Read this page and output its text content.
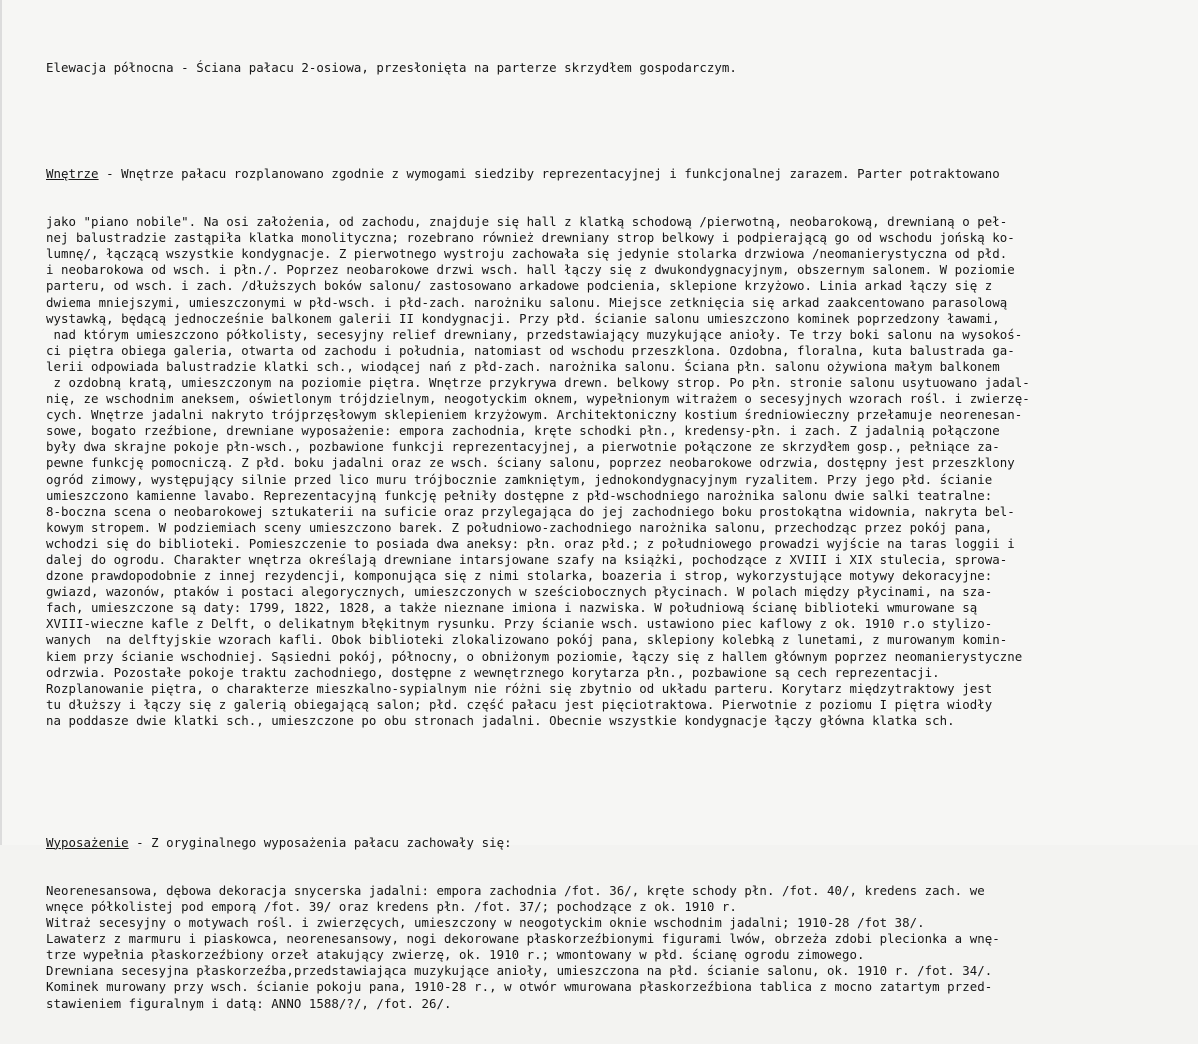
Elewacja północna - Ściana pałacu 2-osiowa, przesłonięta na parterze skrzydłem gospodarczym.

Wnętrze - Wnętrze pałacu rozplanowano zgodnie z wymogami siedziby reprezentacyjnej i funkcjonalnej zarazem. Parter potraktowano

jako "piano nobile". Na osi założenia, od zachodu, znajduje się hall z klatką schodową /pierwotną, neobarokową, drewnianą o peł-
nej balustradzie zastąpiła klatka monolityczna; rozebrano również drewniany strop belkowy i podpierającą go od wschodu jońską ko-
lumnę/, łączącą wszystkie kondygnacje. Z pierwotnego wystroju zachowała się jedynie stolarka drzwiowa /neomanierystyczna od płd.
i neobarokowa od wsch. i płn./. Poprzez neobarokowe drzwi wsch. hall łączy się z dwukondygnacyjnym, obszernym salonem. W poziomie
parteru, od wsch. i zach. /dłuższych boków salonu/ zastosowano arkadowe podcienia, sklepione krzyżowo. Linia arkad łączy się z
dwiema mniejszymi, umieszczonymi w płd-wsch. i płd-zach. narożniku salonu. Miejsce zetknięcia się arkad zaakcentowano parasolową
wystawką, będącą jednocześnie balkonem galerii II kondygnacji. Przy płd. ścianie salonu umieszczono kominek poprzedzony ławami,
nad którym umieszczono półkolisty, secesyjny relief drewniany, przedstawiający muzykujące anioły. Te trzy boki salonu na wysokoś-
ci piętra obiega galeria, otwarta od zachodu i południa, natomiast od wschodu przeszklona. Ozdobna, floralna, kuta balustrada ga-
lerii odpowiada balustradzie klatki sch., wiodącej nań z płd-zach. narożnika salonu. Ściana płn. salonu ożywiona małym balkonem
z ozdobną kratą, umieszczonym na poziomie piętra. Wnętrze przykrywa drewn. belkowy strop. Po płn. stronie salonu usytuowano jadal-
nię, ze wschodnim aneksem, oświetlonym trójdzielnym, neogotyckim oknem, wypełnionym witrażem o secesyjnych wzorach rośl. i zwierzę-
cych. Wnętrze jadalni nakryto trójprzęsłowym sklepieniem krzyżowym. Architektoniczny kostium średniowieczny przełamuje neorenesan-
sowe, bogato rzeźbione, drewniane wyposażenie: empora zachodnia, kręte schodki płn., kredensy-płn. i zach. Z jadalnią połączone
były dwa skrajne pokoje płn-wsch., pozbawione funkcji reprezentacyjnej, a pierwotnie połączone ze skrzydłem gosp., pełniące za-
pewne funkcję pomocniczą. Z płd. boku jadalni oraz ze wsch. ściany salonu, poprzez neobarokowe odrzwia, dostępny jest przeszklony
ogród zimowy, występujący silnie przed lico muru trójbocznie zamkniętym, jednokondygnacyjnym ryzalitem. Przy jego płd. ścianie
umieszczono kamienne lavabo. Reprezentacyjną funkcję pełniły dostępne z płd-wschodniego narożnika salonu dwie salki teatralne:
8-boczna scena o neobarokowej sztukaterii na suficie oraz przylegająca do jej zachodniego boku prostokątna widownia, nakryta bel-
kowym stropem. W podziemiach sceny umieszczono barek. Z południowo-zachodniego narożnika salonu, przechodząc przez pokój pana,
wchodzi się do biblioteki. Pomieszczenie to posiada dwa aneksy: płn. oraz płd.; z południowego prowadzi wyjście na taras loggii i
dalej do ogrodu. Charakter wnętrza określają drewniane intarsjowane szafy na książki, pochodzące z XVIII i XIX stulecia, sprowa-
dzone prawdopodobnie z innej rezydencji, komponująca się z nimi stolarka, boazeria i strop, wykorzystujące motywy dekoracyjne:
gwiazd, wazonów, ptaków i postaci alegorycznych, umieszczonych w sześciobocznych płycinach. W polach między płycinami, na sza-
fach, umieszczone są daty: 1799, 1822, 1828, a także nieznane imiona i nazwiska. W południową ścianę biblioteki wmurowane są
XVIII-wieczne kafle z Delft, o delikatnym błękitnym rysunku. Przy ścianie wsch. ustawiono piec kaflowy z ok. 1910 r.o stylizo-
wanych  na delftyjskie wzorach kafli. Obok biblioteki zlokalizowano pokój pana, sklepiony kolebką z lunetami, z murowanym komin-
kiem przy ścianie wschodniej. Sąsiedni pokój, północny, o obniżonym poziomie, łączy się z hallem głównym poprzez neomanierystyczne
odrzwia. Pozostałe pokoje traktu zachodniego, dostępne z wewnętrznego korytarza płn., pozbawione są cech reprezentacji.
Rozplanowanie piętra, o charakterze mieszkalno-sypialnym nie różni się zbytnio od układu parteru. Korytarz międzytraktowy jest
tu dłuższy i łączy się z galerią obiegającą salon; płd. część pałacu jest pięciotraktowa. Pierwotnie z poziomu I piętra wiodły
na poddasze dwie klatki sch., umieszczone po obu stronach jadalni. Obecnie wszystkie kondygnacje łączy główna klatka sch.

Wyposażenie - Z oryginalnego wyposażenia pałacu zachowały się:

Neorenesansowa, dębowa dekoracja snycerska jadalni: empora zachodnia /fot. 36/, kręte schody płn. /fot. 40/, kredens zach. we
wnęce półkolistej pod emporą /fot. 39/ oraz kredens płn. /fot. 37/; pochodzące z ok. 1910 r.
Witraż secesyjny o motywach rośl. i zwierzęcych, umieszczony w neogotyckim oknie wschodnim jadalni; 1910-28 /fot 38/.
Lawaterz z marmuru i piaskowca, neorenesansowy, nogi dekorowane płaskorzeźbionymi figurami lwów, obrzeża zdobi plecionka a wnę-
trze wypełnia płaskorzeźbiony orzeł atakujący zwierzę, ok. 1910 r.; wmontowany w płd. ścianę ogrodu zimowego.
Drewniana secesyjna płaskorzeźba,przedstawiająca muzykujące anioły, umieszczona na płd. ścianie salonu, ok. 1910 r. /fot. 34/.
Kominek murowany przy wsch. ścianie pokoju pana, 1910-28 r., w otwór wmurowana płaskorzeźbiona tablica z mocno zatartym przed-
stawieniem figuralnym i datą: ANNO 1588/?/, /fot. 26/.
